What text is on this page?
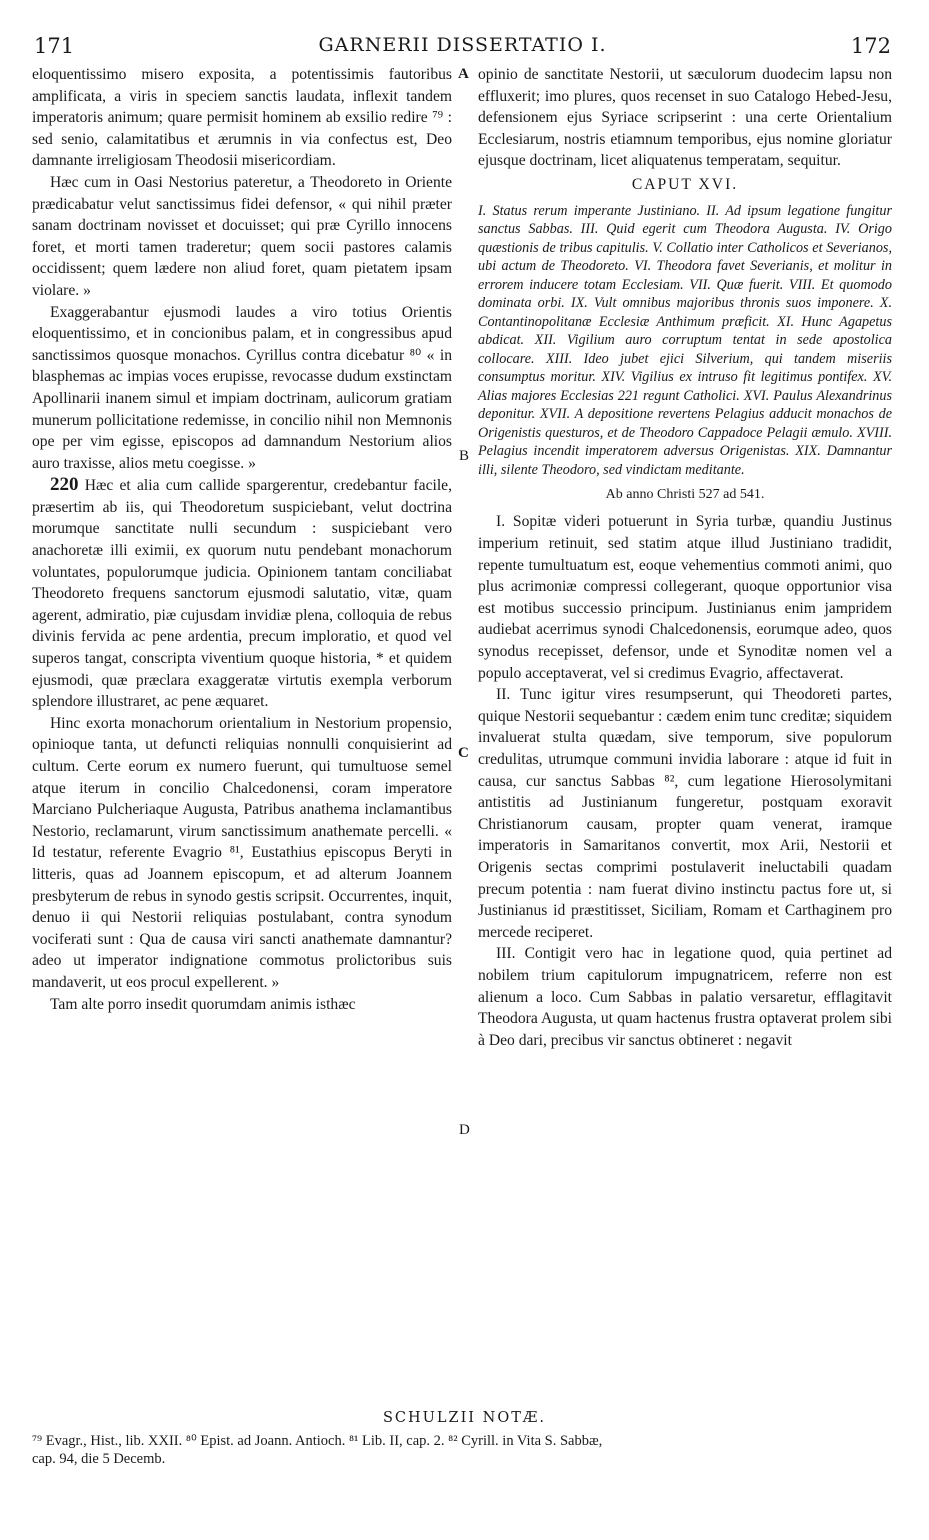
171	GARNERII DISSERTATIO I.	172

eloquentissimo misero exposita, a potentissimis fautoribus amplificata, a viris in speciem sanctis laudata, inflexit tandem imperatoris animum; quare permisit hominem ab exsilio redire ⁷⁹ : sed senio, calamitatibus et ærumnis in via confectus est, Deo damnante irreligiosam Theodosii misericordiam.

Hæc cum in Oasi Nestorius pateretur, a Theodoreto in Oriente prædicabatur velut sanctissimus fidei defensor, « qui nihil præter sanam doctrinam novisset et docuisset; qui præ Cyrillo innocens foret, et morti tamen traderetur; quem socii pastores calamis occidissent; quem lædere non aliud foret, quam pietatem ipsam violare. »

Exaggerabantur ejusmodi laudes a viro totius Orientis eloquentissimo, et in concionibus palam, et in congressibus apud sanctissimos quosque monachos. Cyrillus contra dicebatur ⁸⁰ « in blasphemas ac impias voces erupisse, revocasse dudum exstinctam Apollinarii inanem simul et impiam doctrinam, aulicorum gratiam munerum pollicitatione redemisse, in concilio nihil non Memnonis ope per vim egisse, episcopos ad damnandum Nestorium alios auro traxisse, alios metu coegisse. »

220 Hæc et alia cum callide spargerentur, credebantur facile, præsertim ab iis, qui Theodoretum suspiciebant, velut doctrina morumque sanctitate nulli secundum : suspiciebant vero anachoretæ illi eximii, ex quorum nutu pendebant monachorum voluntates, populorumque judicia. Opinionem tantam conciliabat Theodoreto frequens sanctorum ejusmodi salutatio, vitæ, quam agerent, admiratio, piæ cujusdam invidiæ plena, colloquia de rebus divinis fervida ac pene ardentia, precum imploratio, et quod vel superos tangat, conscripta viventium quoque historia, * et quidem ejusmodi, quæ præclara exaggeratæ virtutis exempla verborum splendore illustraret, ac pene æquaret.

Hinc exorta monachorum orientalium in Nestorium propensio, opinioque tanta, ut defuncti reliquias nonnulli conquisierint ad cultum. Certe eorum ex numero fuerunt, qui tumultuose semel atque iterum in concilio Chalcedonensi, coram imperatore Marciano Pulcheriaque Augusta, Patribus anathema inclamantibus Nestorio, reclamarunt, virum sanctissimum anathemate percelli. « Id testatur, referente Evagrio ⁸¹, Eustathius episcopus Beryti in litteris, quas ad Joannem episcopum, et ad alterum Joannem presbyterum de rebus in synodo gestis scripsit. Occurrentes, inquit, denuo ii qui Nestorii reliquias postulabant, contra synodum vociferati sunt : Qua de causa viri sancti anathemate damnantur? adeo ut imperator indignatione commotus prolictoribus suis mandaverit, ut eos procul expellerent. »

Tam alte porro insedit quorumdam animis isthæc

A
B
C
D

opinio de sanctitate Nestorii, ut sæculorum duodecim lapsu non effluxerit; imo plures, quos recenset in suo Catalogo Hebed-Jesu, defensionem ejus Syriace scripserint : una certe Orientalium Ecclesiarum, nostris etiamnum temporibus, ejus nomine gloriatur ejusque doctrinam, licet aliquatenus temperatam, sequitur.

CAPUT XVI.

I. Status rerum imperante Justiniano. II. Ad ipsum legatione fungitur sanctus Sabbas. III. Quid egerit cum Theodora Augusta. IV. Origo quæstionis de tribus capitulis. V. Collatio inter Catholicos et Severianos, ubi actum de Theodoreto. VI. Theodora favet Severianis, et molitur in errorem inducere totam Ecclesiam. VII. Quæ fuerit. VIII. Et quomodo dominata orbi. IX. Vult omnibus majoribus thronis suos imponere. X. Contantinopolitanæ Ecclesiæ Anthimum præficit. XI. Hunc Agapetus abdicat. XII. Vigilium auro corruptum tentat in sede apostolica collocare. XIII. Ideo jubet ejici Silverium, qui tandem miseriis consumptus moritur. XIV. Vigilius ex intruso fit legitimus pontifex. XV. Alias majores Ecclesias 221 regunt Catholici. XVI. Paulus Alexandrinus deponitur. XVII. A depositione revertens Pelagius adducit monachos de Origenistis questuros, et de Theodoro Cappadoce Pelagii æmulo. XVIII. Pelagius incendit imperatorem adversus Origenistas. XIX. Damnantur illi, silente Theodoro, sed vindictam meditante.

Ab anno Christi 527 ad 541.

I. Sopitæ videri potuerunt in Syria turbæ, quandiu Justinus imperium retinuit, sed statim atque illud Justiniano tradidit, repente tumultuatum est, eoque vehementius commoti animi, quo plus acrimoniæ compressi collegerant, quoque opportunior visa est motibus successio principum. Justinianus enim jampridem audiebat acerrimus synodi Chalcedonensis, eorumque adeo, quos synodus recepisset, defensor, unde et Synoditæ nomen vel a populo acceptaverat, vel si credimus Evagrio, affectaverat.

II. Tunc igitur vires resumpserunt, qui Theodoreti partes, quique Nestorii sequebantur : cædem enim tunc creditæ; siquidem invaluerat stulta quædam, sive temporum, sive populorum credulitas, utrumque communi invidia laborare : atque id fuit in causa, cur sanctus Sabbas ⁸², cum legatione Hierosolymitani antistitis ad Justinianum fungeretur, postquam exoravit Christianorum causam, propter quam venerat, iramque imperatoris in Samaritanos convertit, mox Arii, Nestorii et Origenis sectas comprimi postulaverit ineluctabili quadam precum potentia : nam fuerat divino instinctu pactus fore ut, si Justinianus id præstitisset, Siciliam, Romam et Carthaginem pro mercede reciperet.

III. Contigit vero hac in legatione quod, quia pertinet ad nobilem trium capitulorum impugnatricem, referre non est alienum a loco. Cum Sabbas in palatio versaretur, efflagitavit Theodora Augusta, ut quam hactenus frustra optaverat prolem sibi à Deo dari, precibus vir sanctus obtineret : negavit

SCHULZII NOTÆ.
⁷⁹ Evagr., Hist., lib. XXII. ⁸⁰ Epist. ad Joann. Antioch. ⁸¹ Lib. II, cap. 2. ⁸² Cyrill. in Vita S. Sabbæ,
cap. 94, die 5 Decemb.
